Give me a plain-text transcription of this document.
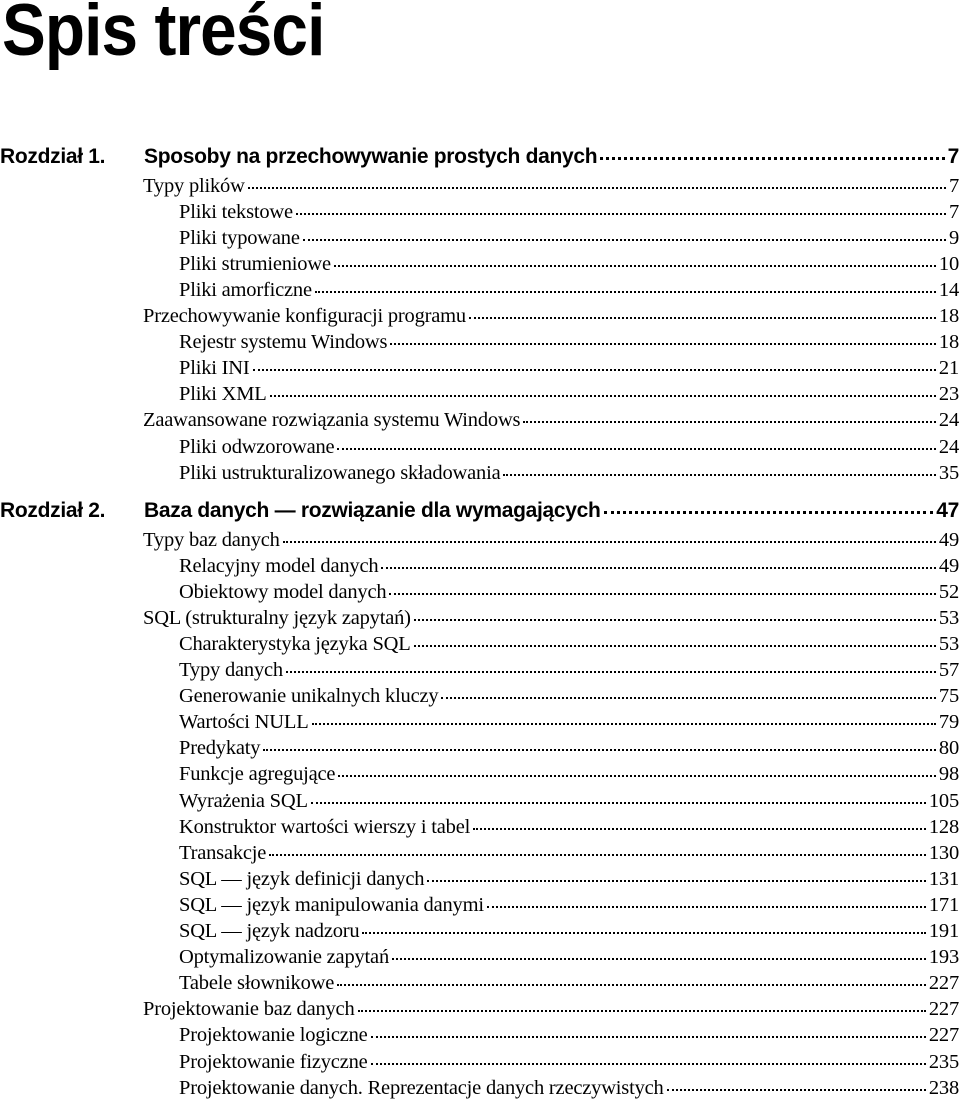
Spis treści
Rozdział 1.	Sposoby na przechowywanie prostych danych	7
Typy plików	7
Pliki tekstowe	7
Pliki typowane	9
Pliki strumieniowe	10
Pliki amorficzne	14
Przechowywanie konfiguracji programu	18
Rejestr systemu Windows	18
Pliki INI	21
Pliki XML	23
Zaawansowane rozwiązania systemu Windows	24
Pliki odwzorowane	24
Pliki ustrukturalizowanego składowania	35
Rozdział 2.	Baza danych — rozwiązanie dla wymagających	47
Typy baz danych	49
Relacyjny model danych	49
Obiektowy model danych	52
SQL (strukturalny język zapytań)	53
Charakterystyka języka SQL	53
Typy danych	57
Generowanie unikalnych kluczy	75
Wartości NULL	79
Predykaty	80
Funkcje agregujące	98
Wyrażenia SQL	105
Konstruktor wartości wierszy i tabel	128
Transakcje	130
SQL — język definicji danych	131
SQL — język manipulowania danymi	171
SQL — język nadzoru	191
Optymalizowanie zapytań	193
Tabele słownikowe	227
Projektowanie baz danych	227
Projektowanie logiczne	227
Projektowanie fizyczne	235
Projektowanie danych. Reprezentacje danych rzeczywistych	238
